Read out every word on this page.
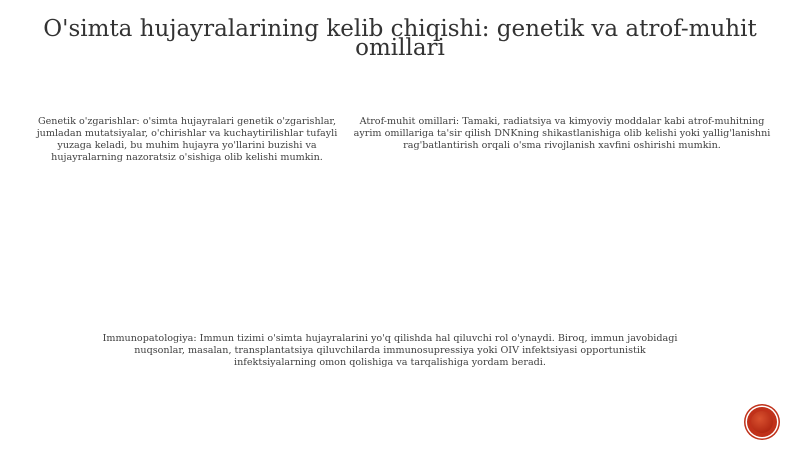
O'simta hujayralarining kelib chiqishi: genetik va atrof-muhit omillari
Genetik o'zgarishlar: o'simta hujayralari genetik o'zgarishlar, jumladan mutatsiyalar, o'chirishlar va kuchaytirilishlar tufayli yuzaga keladi, bu muhim hujayra yo'llarini buzishi va hujayralarning nazoratsiz o'sishiga olib kelishi mumkin.
Atrof-muhit omillari: Tamaki, radiatsiya va kimyoviy moddalar kabi atrof-muhitning ayrim omillariga ta'sir qilish DNKning shikastlanishiga olib kelishi yoki yallig'lanishni rag'batlantirish orqali o'sma rivojlanish xavfini oshirishi mumkin.
Immunopatologiya: Immun tizimi o'simta hujayralarini yo'q qilishda hal qiluvchi rol o'ynaydi. Biroq, immun javobidagi nuqsonlar, masalan, transplantatsiya qiluvchilarda immunosupressiya yoki OIV infektsiyasi opportunistik infektsiyalarning omon qolishiga va tarqalishiga yordam beradi.
